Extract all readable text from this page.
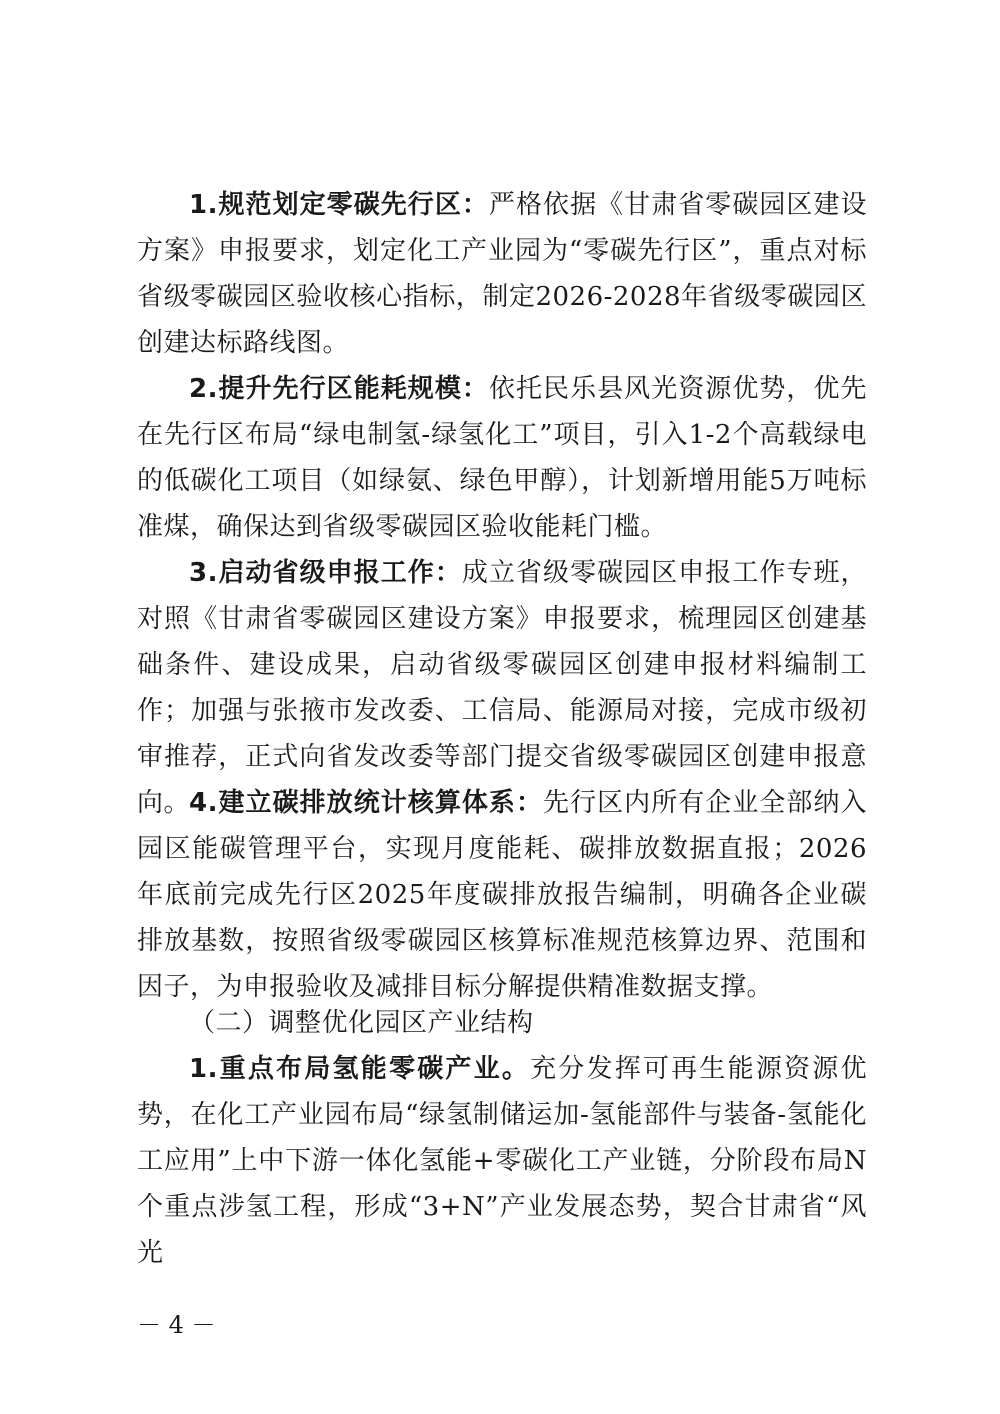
1.规范划定零碳先行区：严格依据《甘肃省零碳园区建设方案》申报要求，划定化工产业园为“零碳先行区”，重点对标省级零碳园区验收核心指标，制定2026-2028年省级零碳园区创建达标路线图。

2.提升先行区能耗规模：依托民乐县风光资源优势，优先在先行区布局“绿电制氢-绿氢化工”项目，引入1-2个高载绿电的低碳化工项目（如绿氨、绿色甲醇），计划新增用能5万吨标准煤，确保达到省级零碳园区验收能耗门槛。

3.启动省级申报工作：成立省级零碳园区申报工作专班，对照《甘肃省零碳园区建设方案》申报要求，梳理园区创建基础条件、建设成果，启动省级零碳园区创建申报材料编制工作；加强与张掖市发改委、工信局、能源局对接，完成市级初审推荐，正式向省发改委等部门提交省级零碳园区创建申报意向。

4.建立碳排放统计核算体系：先行区内所有企业全部纳入园区能碳管理平台，实现月度能耗、碳排放数据直报；2026年底前完成先行区2025年度碳排放报告编制，明确各企业碳排放基数，按照省级零碳园区核算标准规范核算边界、范围和因子，为申报验收及减排目标分解提供精准数据支撑。

（二）调整优化园区产业结构

1.重点布局氢能零碳产业。充分发挥可再生能源资源优势，在化工产业园布局“绿氢制储运加-氢能部件与装备-氢能化工应用”上中下游一体化氢能+零碳化工产业链，分阶段布局N个重点涉氢工程，形成“3+N”产业发展态势，契合甘肃省“风光

－ 4 －
